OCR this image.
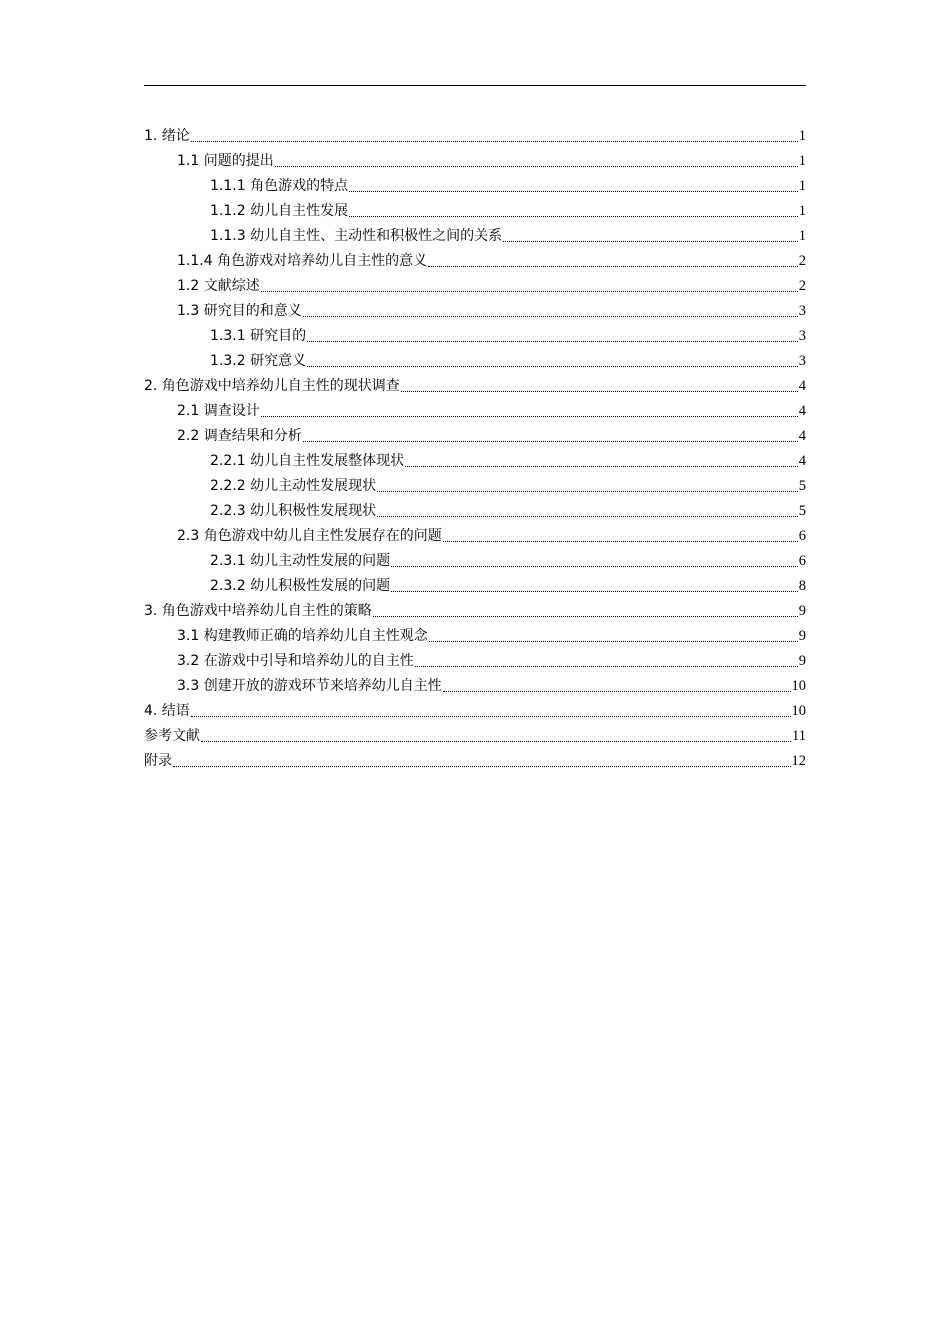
1. 绪论	1
1.1 问题的提出	1
1.1.1 角色游戏的特点	1
1.1.2 幼儿自主性发展	1
1.1.3 幼儿自主性、主动性和积极性之间的关系	1
1.1.4 角色游戏对培养幼儿自主性的意义	2
1.2 文献综述	2
1.3 研究目的和意义	3
1.3.1 研究目的	3
1.3.2 研究意义	3
2. 角色游戏中培养幼儿自主性的现状调查	4
2.1 调查设计	4
2.2 调查结果和分析	4
2.2.1 幼儿自主性发展整体现状	4
2.2.2 幼儿主动性发展现状	5
2.2.3 幼儿积极性发展现状	5
2.3 角色游戏中幼儿自主性发展存在的问题	6
2.3.1 幼儿主动性发展的问题	6
2.3.2 幼儿积极性发展的问题	8
3. 角色游戏中培养幼儿自主性的策略	9
3.1 构建教师正确的培养幼儿自主性观念	9
3.2 在游戏中引导和培养幼儿的自主性	9
3.3 创建开放的游戏环节来培养幼儿自主性	10
4. 结语	10
参考文献	11
附录	12
